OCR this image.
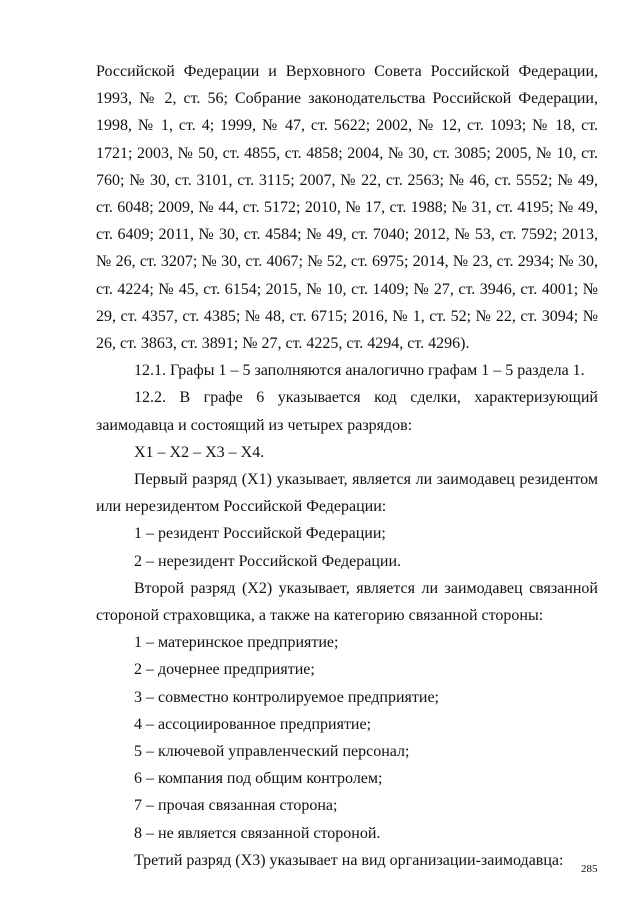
Российской Федерации и Верховного Совета Российской Федерации, 1993, № 2, ст. 56; Собрание законодательства Российской Федерации, 1998, № 1, ст. 4; 1999, № 47, ст. 5622; 2002, № 12, ст. 1093; № 18, ст. 1721; 2003, № 50, ст. 4855, ст. 4858; 2004, № 30, ст. 3085; 2005, № 10, ст. 760; № 30, ст. 3101, ст. 3115; 2007, № 22, ст. 2563; № 46, ст. 5552; № 49, ст. 6048; 2009, № 44, ст. 5172; 2010, № 17, ст. 1988; № 31, ст. 4195; № 49, ст. 6409; 2011, № 30, ст. 4584; № 49, ст. 7040; 2012, № 53, ст. 7592; 2013, № 26, ст. 3207; № 30, ст. 4067; № 52, ст. 6975; 2014, № 23, ст. 2934; № 30, ст. 4224; № 45, ст. 6154; 2015, № 10, ст. 1409; № 27, ст. 3946, ст. 4001; № 29, ст. 4357, ст. 4385; № 48, ст. 6715; 2016, № 1, ст. 52; № 22, ст. 3094; № 26, ст. 3863, ст. 3891; № 27, ст. 4225, ст. 4294, ст. 4296).

12.1. Графы 1 – 5 заполняются аналогично графам 1 – 5 раздела 1.

12.2. В графе 6 указывается код сделки, характеризующий заимодавца и состоящий из четырех разрядов:

X1 – X2 – X3 – X4.

Первый разряд (X1) указывает, является ли заимодавец резидентом или нерезидентом Российской Федерации:

1 – резидент Российской Федерации;

2 – нерезидент Российской Федерации.

Второй разряд (X2) указывает, является ли заимодавец связанной стороной страховщика, а также на категорию связанной стороны:

1 – материнское предприятие;

2 – дочернее предприятие;

3 – совместно контролируемое предприятие;

4 – ассоциированное предприятие;

5 – ключевой управленческий персонал;

6 – компания под общим контролем;

7 – прочая связанная сторона;

8 – не является связанной стороной.

Третий разряд (X3) указывает на вид организации-заимодавца:

285
